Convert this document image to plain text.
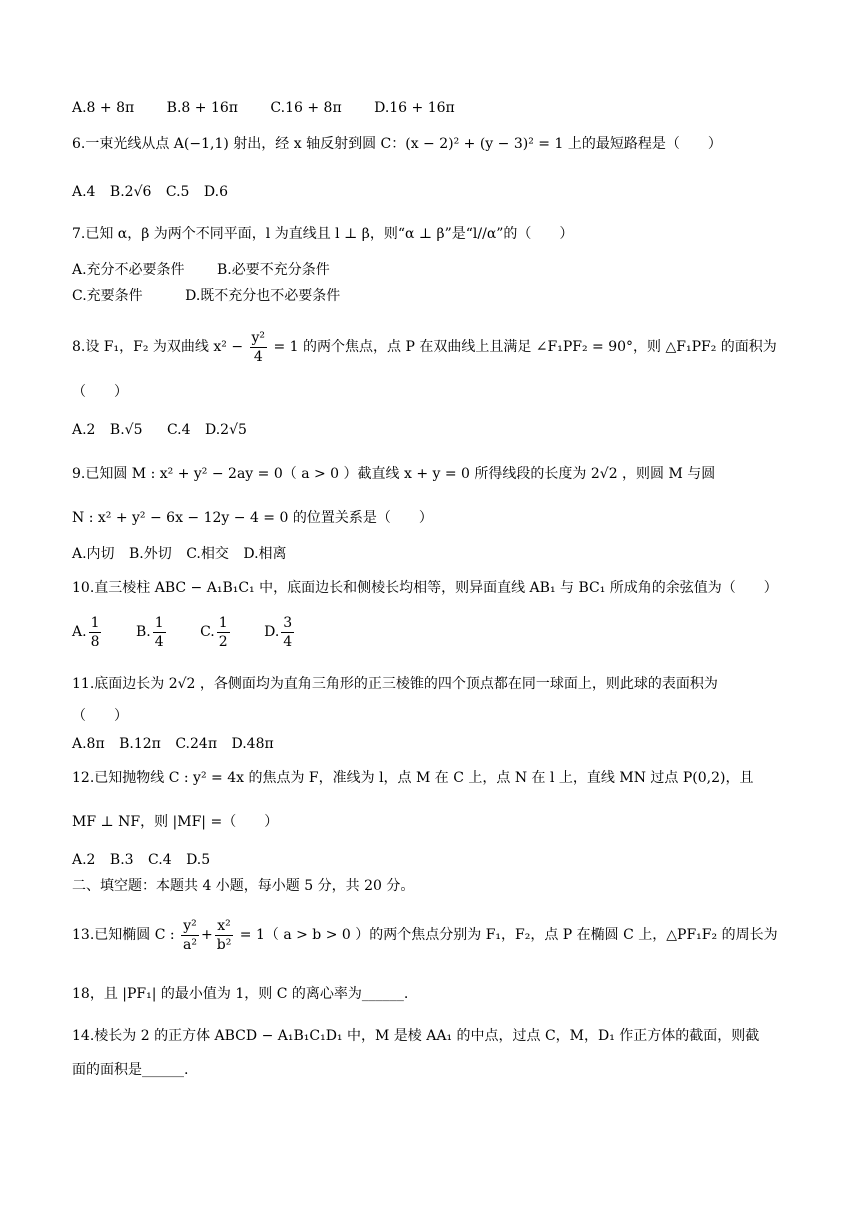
A.8 + 8π B.8 + 16π C.16 + 8π D.16 + 16π
6.一束光线从点 A(−1,1) 射出，经 x 轴反射到圆 C：(x − 2)² + (y − 3)² = 1 上的最短路程是（　　）
A.4 B.2√6 C.5 D.6
7.已知 α，β 为两个不同平面，l 为直线且 l ⊥ β，则“α ⊥ β”是“l//α”的（　　）
A.充分不必要条件 B.必要不充分条件
C.充要条件	D.既不充分也不必要条件
8.设 F₁，F₂ 为双曲线 $x^2 - \frac{\text{y²}}{4} = 1$ 的两个焦点，点 P 在双曲线上且满足 ∠F₁PF₂ = 90°，则 △F₁PF₂ 的面积为
（　　）
A.2 B.√5 C.4 D.2√5
9.已知圆 M : x² + y² − 2ay = 0（ a > 0 ）截直线 x + y = 0 所得线段的长度为 2√2 ，则圆 M 与圆
N : x² + y² − 6x − 12y − 4 = 0 的位置关系是（　　）
A.内切 B.外切 C.相交 D.相离
10.直三棱柱 ABC − A₁B₁C₁ 中，底面边长和侧棱长均相等，则异面直线 AB₁ 与 BC₁ 所成角的余弦值为（　　）
A. $\frac{1}{8} B$. $\frac{1}{4} C$. $\frac{1}{2} D$. $\frac{3}{4}$
11.底面边长为 2√2 ，各侧面均为直角三角形的正三棱锥的四个顶点都在同一球面上，则此球的表面积为
（　　）
A.8π B.12π C.24π D.48π
12.已知抛物线 C : y² = 4x 的焦点为 F，准线为 l，点 M 在 C 上，点 N 在 l 上，直线 MN 过点 P(0,2)，且
MF ⊥ NF，则 |MF| =（　　）
A.2 B.3 C.4 D.5
二、填空题：本题共 4 小题，每小题 5 分，共 20 分。
13.已知椭圆 C : $\frac{\text{y²}}{\text{a²}} + \frac{\text{x²}}{\text{b²}} = 1$（ a > b > 0 ）的两个焦点分别为 F₁，F₂，点 P 在椭圆 C 上，△PF₁F₂ 的周长为
18，且 |PF₁| 的最小值为 1，则 C 的离心率为______.
14.棱长为 2 的正方体 ABCD − A₁B₁C₁D₁ 中，M 是棱 AA₁ 的中点，过点 C，M，D₁ 作正方体的截面，则截
面的面积是______.
